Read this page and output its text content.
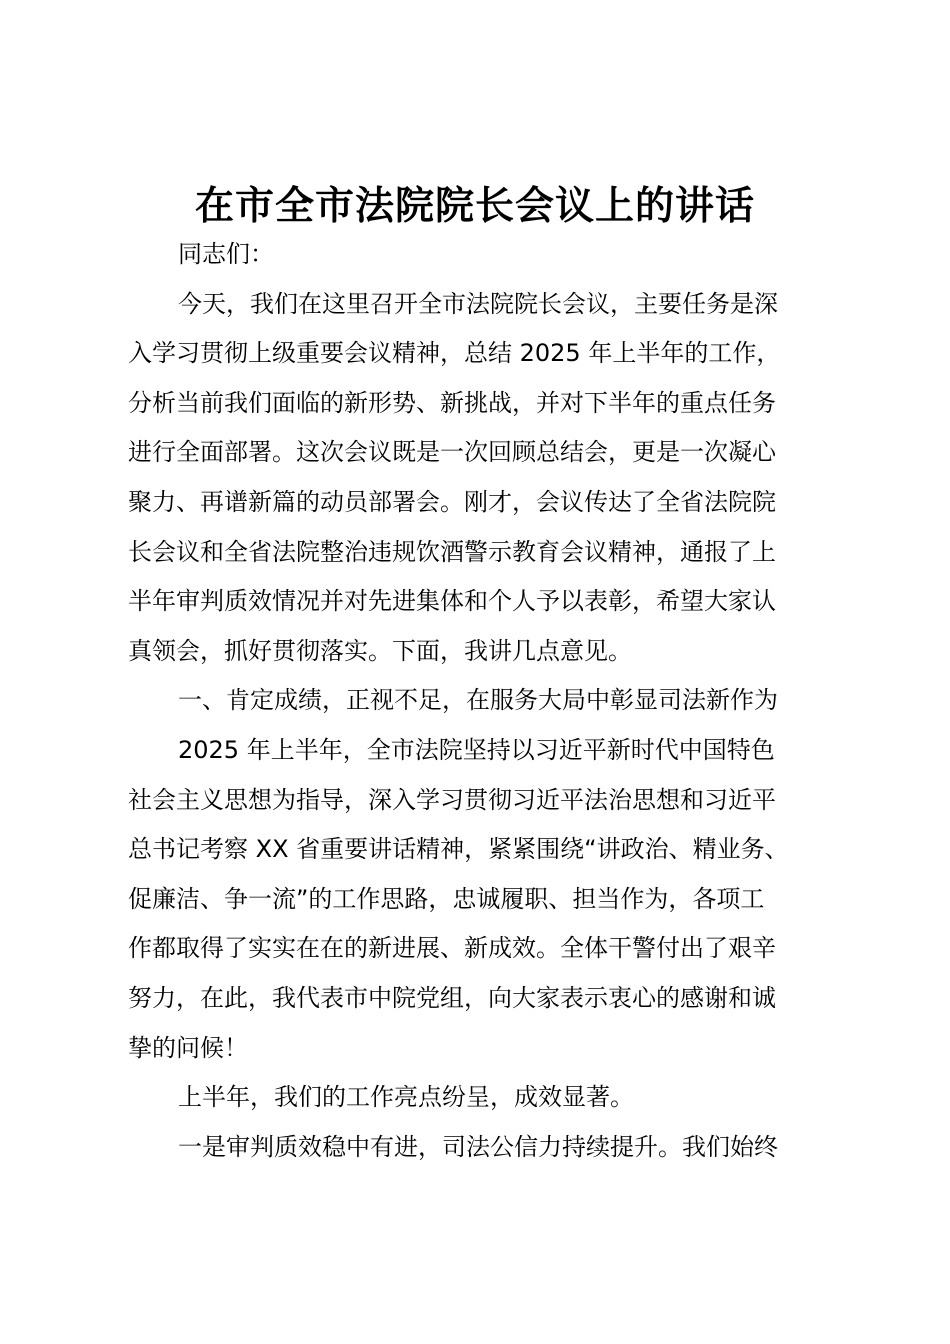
在市全市法院院长会议上的讲话
同志们：
今天，我们在这里召开全市法院院长会议，主要任务是深
入学习贯彻上级重要会议精神，总结 2025 年上半年的工作，
分析当前我们面临的新形势、新挑战，并对下半年的重点任务
进行全面部署。这次会议既是一次回顾总结会，更是一次凝心
聚力、再谱新篇的动员部署会。刚才，会议传达了全省法院院
长会议和全省法院整治违规饮酒警示教育会议精神，通报了上
半年审判质效情况并对先进集体和个人予以表彰，希望大家认
真领会，抓好贯彻落实。下面，我讲几点意见。
一、肯定成绩，正视不足，在服务大局中彰显司法新作为
2025 年上半年，全市法院坚持以习近平新时代中国特色
社会主义思想为指导，深入学习贯彻习近平法治思想和习近平
总书记考察 XX 省重要讲话精神，紧紧围绕“讲政治、精业务、
促廉洁、争一流”的工作思路，忠诚履职、担当作为，各项工
作都取得了实实在在的新进展、新成效。全体干警付出了艰辛
努力，在此，我代表市中院党组，向大家表示衷心的感谢和诚
挚的问候！
上半年，我们的工作亮点纷呈，成效显著。
一是审判质效稳中有进，司法公信力持续提升。我们始终
